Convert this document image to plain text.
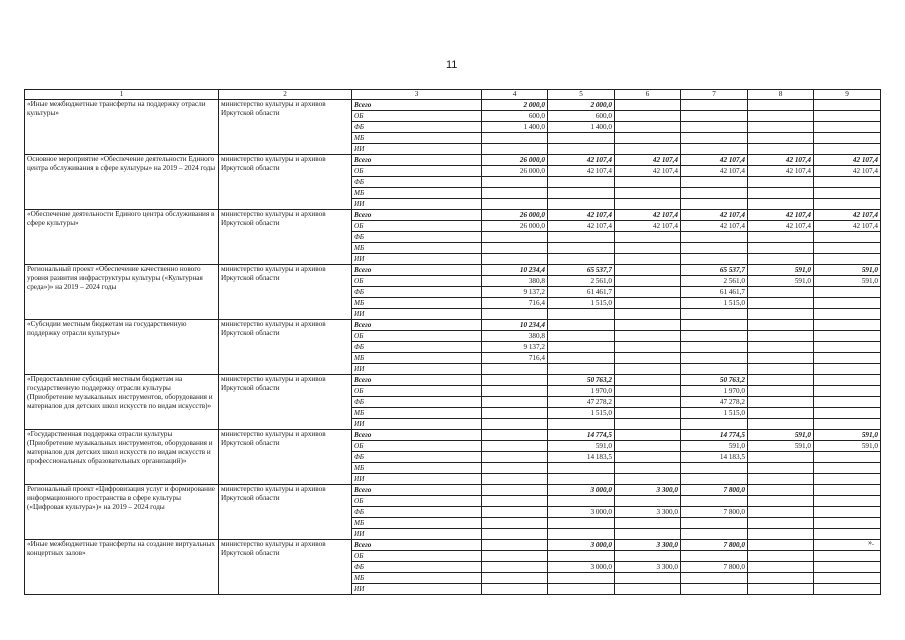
11
1	2	3	4	5	6	7	8	9
«Иные межбюджетные трансферты на поддержку отрасли культуры»	министерство культуры и архивов Иркутской области	Всего	2 000,0	2 000,0				
		ОБ	600,0	600,0				
		ФБ	1 400,0	1 400,0				
		МБ						
		ИИ						
Основное мероприятие «Обеспечение деятельности Единого центра обслуживания в сфере культуры» на 2019 – 2024 годы	министерство культуры и архивов Иркутской области	Всего	26 000,0	42 107,4	42 107,4	42 107,4	42 107,4	42 107,4
		ОБ	26 000,0	42 107,4	42 107,4	42 107,4	42 107,4	42 107,4
		ФБ						
		МБ						
		ИИ						
«Обеспечение деятельности Единого центра обслуживания в сфере культуры»	министерство культуры и архивов Иркутской области	Всего	26 000,0	42 107,4	42 107,4	42 107,4	42 107,4	42 107,4
		ОБ	26 000,0	42 107,4	42 107,4	42 107,4	42 107,4	42 107,4
		ФБ						
		МБ						
		ИИ						
Региональный проект «Обеспечение качественно нового уровня развития инфраструктуры культуры («Культурная среда»)» на 2019 – 2024 годы	министерство культуры и архивов Иркутской области	Всего	10 234,4	65 537,7		65 537,7	591,0	591,0
		ОБ	380,8	2 561,0		2 561,0	591,0	591,0
		ФБ	9 137,2	61 461,7		61 461,7		
		МБ	716,4	1 515,0		1 515,0		
		ИИ						
«Субсидии местным бюджетам на государственную поддержку отрасли культуры»	министерство культуры и архивов Иркутской области	Всего	10 234,4					
		ОБ	380,8					
		ФБ	9 137,2					
		МБ	716,4					
		ИИ						
«Предоставление субсидий местным бюджетам на государственную поддержку отрасли культуры (Приобретение музыкальных инструментов, оборудования и материалов для детских школ искусств по видам искусств)»	министерство культуры и архивов Иркутской области	Всего		50 763,2		50 763,2		
		ОБ		1 970,0		1 970,0		
		ФБ		47 278,2		47 278,2		
		МБ		1 515,0		1 515,0		
		ИИ						
«Государственная поддержка отрасли культуры (Приобретение музыкальных инструментов, оборудования и материалов для детских школ искусств по видам искусств и профессиональных образовательных организаций)»	министерство культуры и архивов Иркутской области	Всего		14 774,5		14 774,5	591,0	591,0
		ОБ		591,0		591,0	591,0	591,0
		ФБ		14 183,5		14 183,5		
		МБ						
		ИИ						
Региональный проект «Цифровизация услуг и формирование информационного пространства в сфере культуры («Цифровая культура»)» на 2019 – 2024 годы	министерство культуры и архивов Иркутской области	Всего		3 000,0	3 300,0	7 800,0		
		ОБ						
		ФБ		3 000,0	3 300,0	7 800,0		
		МБ						
		ИИ						
«Иные межбюджетные трансферты на создание виртуальных концертных залов»	министерство культуры и архивов Иркутской области	Всего		3 000,0	3 300,0	7 800,0		
		ОБ						
		ФБ		3 000,0	3 300,0	7 800,0		
		МБ						
		ИИ						
».
